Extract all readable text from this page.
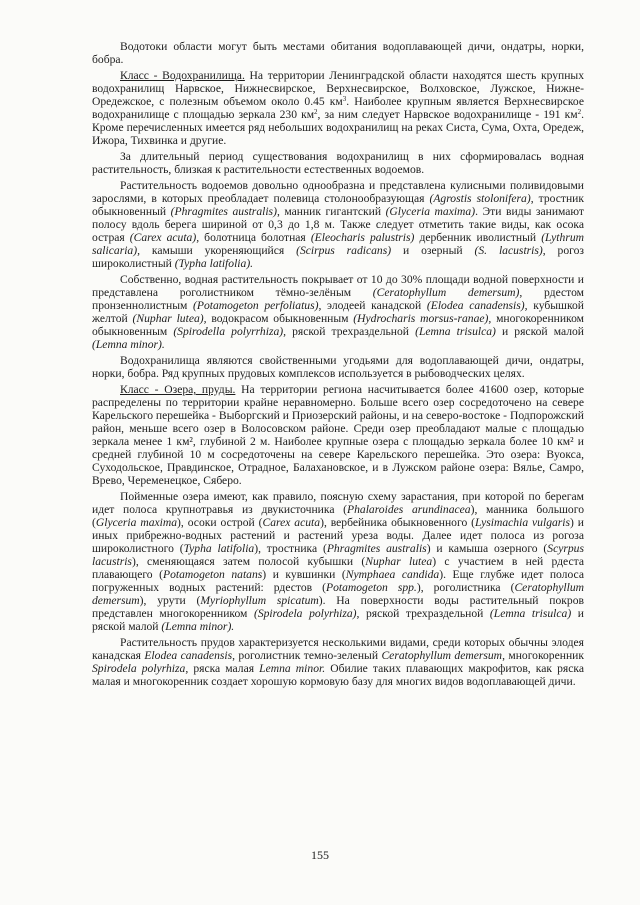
Водотоки области могут быть местами обитания водоплавающей дичи, ондатры, норки, бобра.

Класс - Водохранилища. На территории Ленинградской области находятся шесть крупных водохранилищ Нарвское, Нижнесвирское, Верхнесвирское, Волховское, Лужское, Нижне-Оредежское, с полезным объемом около 0.45 $км^3$. Наиболее крупным является Верхнесвирское водохранилище с площадью зеркала 230 $км^2$, за ним следует Нарвское водохранилище - 191 $км^2$. Кроме перечисленных имеется ряд небольших водохранилищ на реках Систа, Сума, Охта, Оредеж, Ижора, Тихвинка и другие.

За длительный период существования водохранилищ в них сформировалась водная растительность, близкая к растительности естественных водоемов.

Растительность водоемов довольно однообразна и представлена кулисными поливидовыми зарослями, в которых преобладает полевица столонообразующая (Agrostis stolonifera), тростник обыкновенный (Phragmites australis), манник гигантский (Glyceria maxima). Эти виды занимают полосу вдоль берега шириной от 0,3 до 1,8 м. Также следует отметить такие виды, как осока острая (Carex acuta), болотница болотная (Eleocharis palustris) дербенник иволистный (Lythrum salicaria), камыши укореняющийся (Scirpus radicans) и озерный (S. lacustris), рогоз широколистный (Typha latifolia).

Собственно, водная растительность покрывает от 10 до 30% площади водной поверхности и представлена роголистником тёмно-зелёным (Ceratophyllum demersum), рдестом пронзеннолистным (Potamogeton perfoliatus), элодеей канадской (Elodea canadensis), кубышкой желтой (Nuphar lutea), водокрасом обыкновенным (Hydrocharis morsus-ranae), многокоренником обыкновенным (Spirodella polyrrhiza), ряской трехраздельной (Lemna trisulca) и ряской малой (Lemna minor).

Водохранилища являются свойственными угодьями для водоплавающей дичи, ондатры, норки, бобра. Ряд крупных прудовых комплексов используется в рыбоводческих целях.

Класс - Озера, пруды. На территории региона насчитывается более 41600 озер, которые распределены по территории крайне неравномерно. Больше всего озер сосредоточено на севере Карельского перешейка - Выборгский и Приозерский районы, и на северо-востоке - Подпорожский район, меньше всего озер в Волосовском районе. Среди озер преобладают малые с площадью зеркала менее 1 км², глубиной 2 м. Наиболее крупные озера с площадью зеркала более 10 км² и средней глубиной 10 м сосредоточены на севере Карельского перешейка. Это озера: Вуокса, Суходольское, Правдинское, Отрадное, Балахановское, и в Лужском районе озера: Вялье, Самро, Врево, Череменецкое, Сяберо.

Пойменные озера имеют, как правило, поясную схему зарастания, при которой по берегам идет полоса крупнотравья из двукисточника (Phalaroides arundinacea), манника большого (Glyceria maxima), осоки острой (Carex acuta), вербейника обыкновенного (Lysimachia vulgaris) и иных прибрежно-водных растений и растений уреза воды. Далее идет полоса из рогоза широколистного (Typha latifolia), тростника (Phragmites australis) и камыша озерного (Scyrpus lacustris), сменяющаяся затем полосой кубышки (Nuphar lutea) с участием в ней рдеста плавающего (Potamogeton natans) и кувшинки (Nymphaea candida). Еще глубже идет полоса погруженных водных растений: рдестов (Potamogeton spp.), роголистника (Ceratophyllum demersum), урути (Myriophyllum spicatum). На поверхности воды растительный покров представлен многокоренником (Spirodela polyrhiza), ряской трехраздельной (Lemna trisulca) и ряской малой (Lemna minor).

Растительность прудов характеризуется несколькими видами, среди которых обычны элодея канадская Elodea canadensis, роголистник темно-зеленый Ceratophyllum demersum, многокоренник Spirodela polyrhiza, ряска малая Lemna minor. Обилие таких плавающих макрофитов, как ряска малая и многокоренник создает хорошую кормовую базу для многих видов водоплавающей дичи.

155
